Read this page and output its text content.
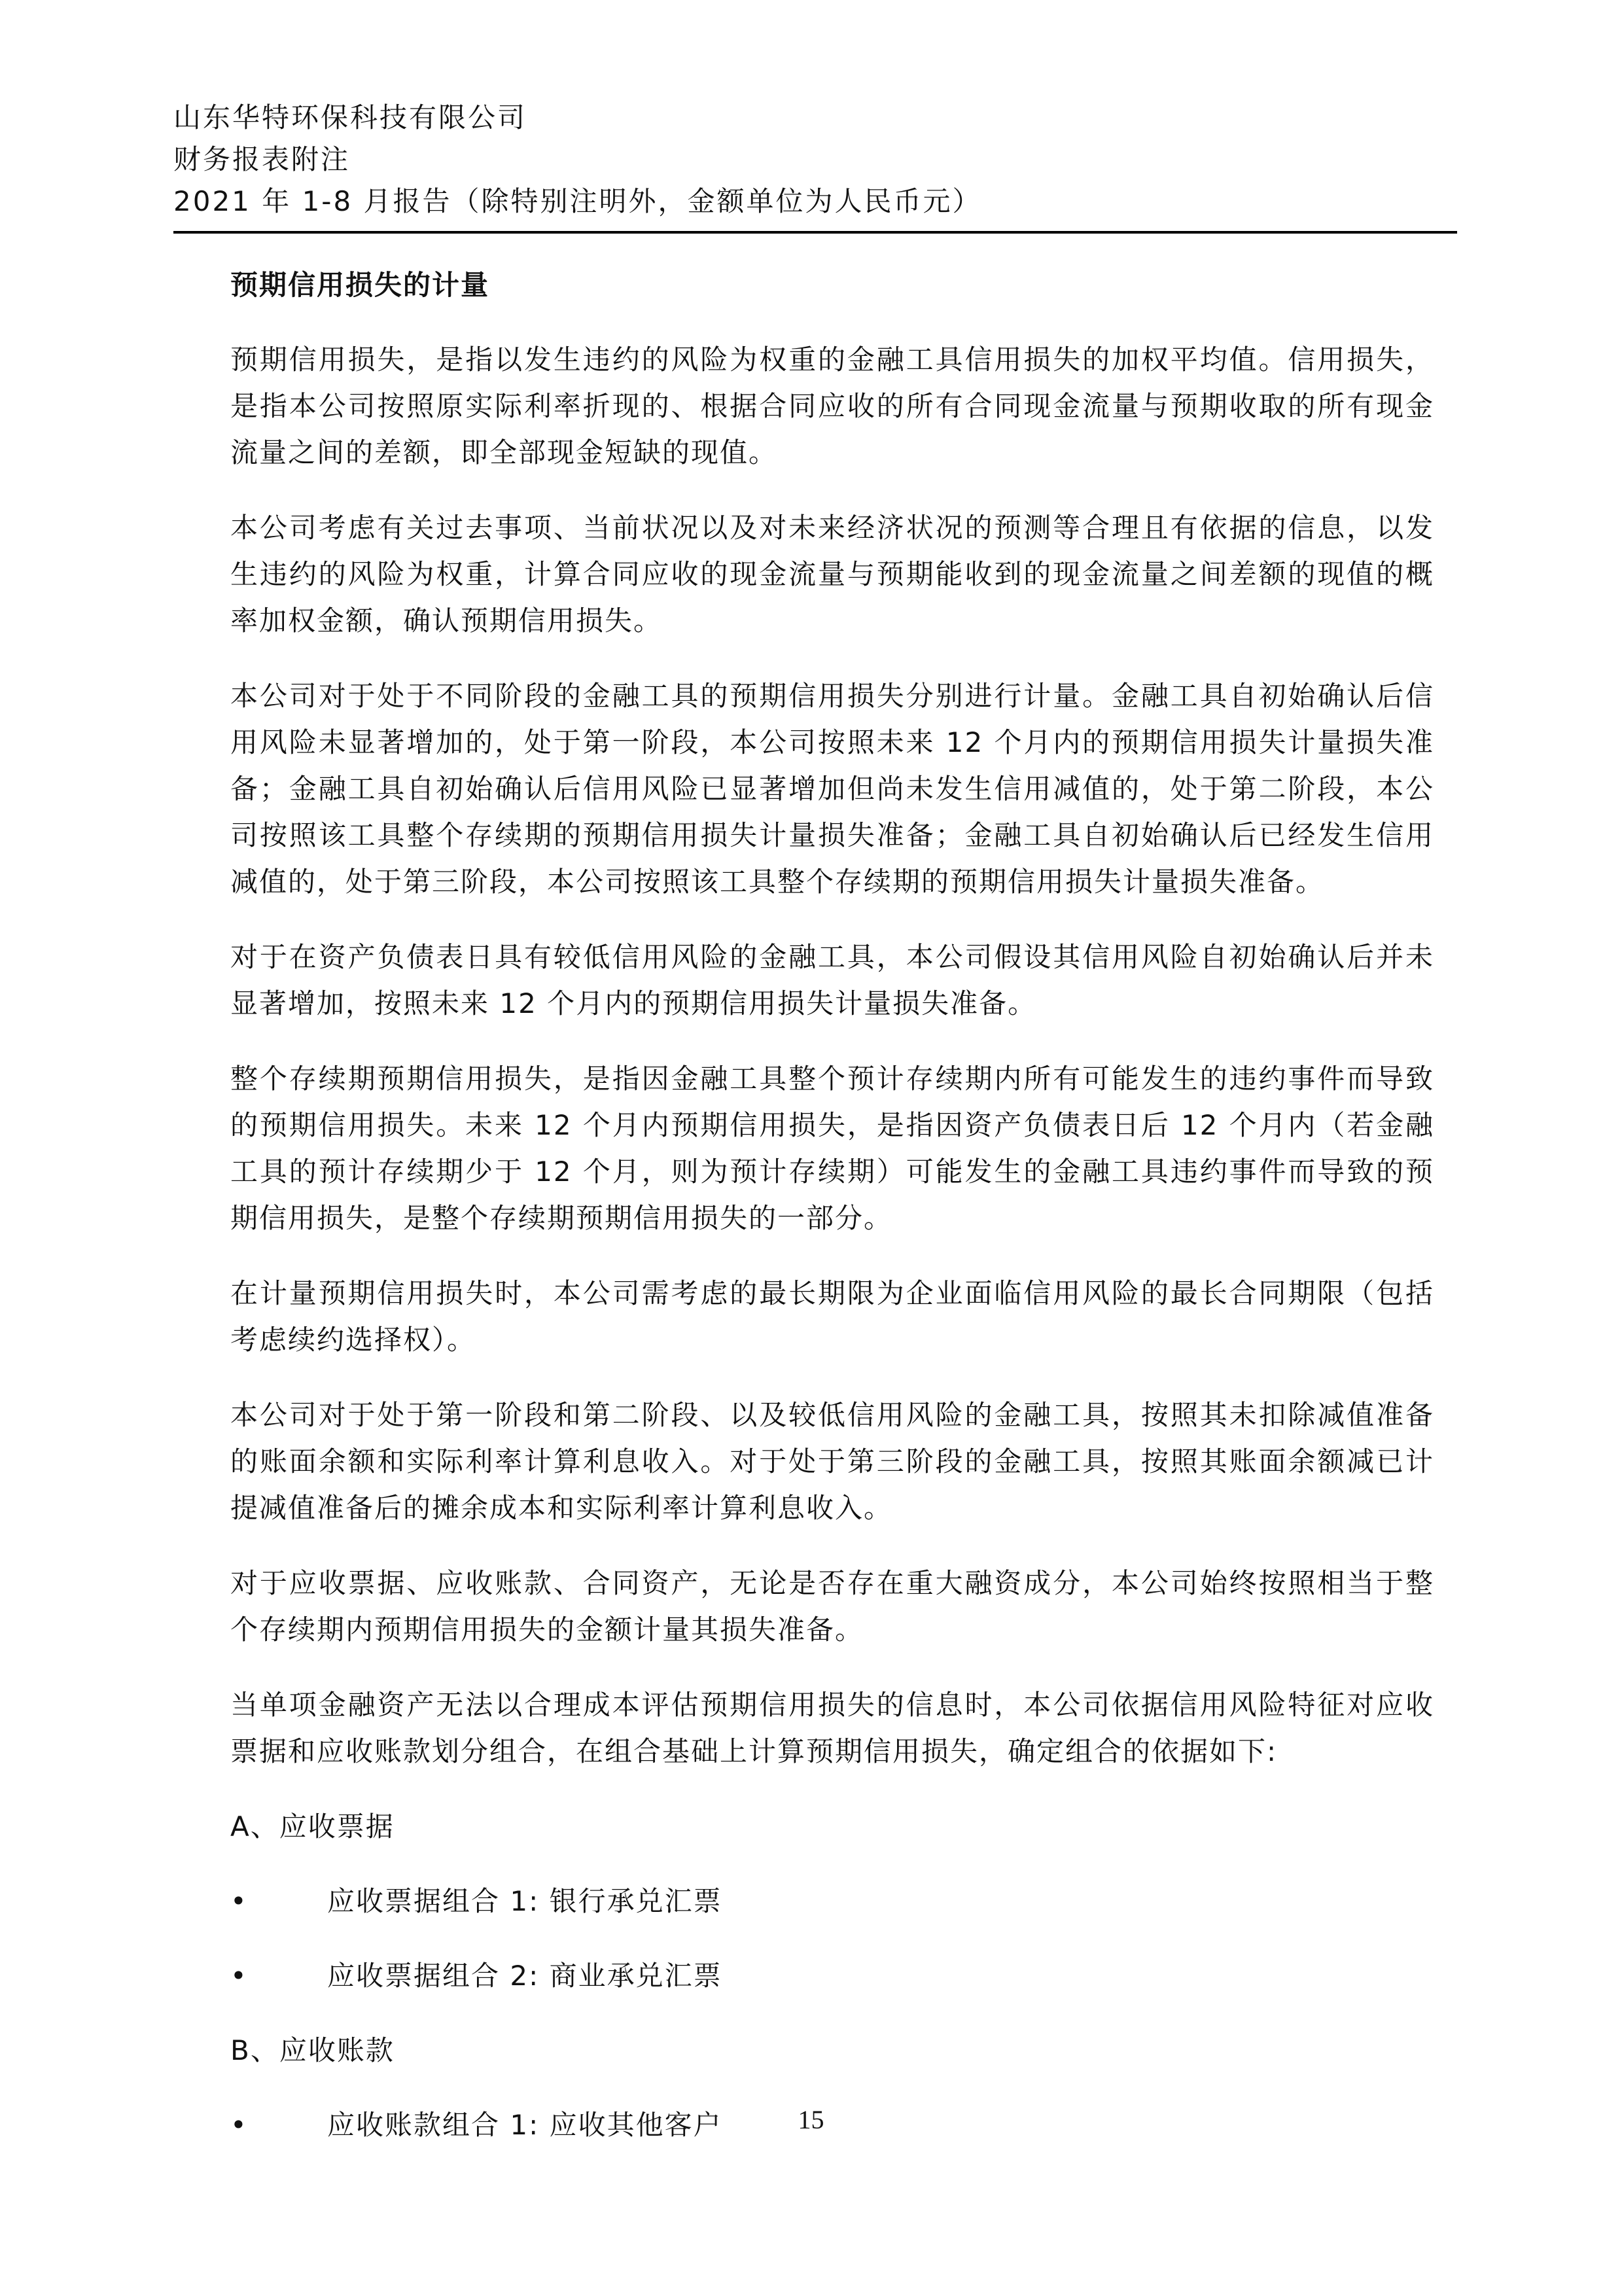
山东华特环保科技有限公司
财务报表附注
2021 年 1-8 月报告（除特别注明外，金额单位为人民币元）
预期信用损失的计量

预期信用损失，是指以发生违约的风险为权重的金融工具信用损失的加权平均值。信用损失，是指本公司按照原实际利率折现的、根据合同应收的所有合同现金流量与预期收取的所有现金流量之间的差额，即全部现金短缺的现值。

本公司考虑有关过去事项、当前状况以及对未来经济状况的预测等合理且有依据的信息，以发生违约的风险为权重，计算合同应收的现金流量与预期能收到的现金流量之间差额的现值的概率加权金额，确认预期信用损失。

本公司对于处于不同阶段的金融工具的预期信用损失分别进行计量。金融工具自初始确认后信用风险未显著增加的，处于第一阶段，本公司按照未来 12 个月内的预期信用损失计量损失准备；金融工具自初始确认后信用风险已显著增加但尚未发生信用减值的，处于第二阶段，本公司按照该工具整个存续期的预期信用损失计量损失准备；金融工具自初始确认后已经发生信用减值的，处于第三阶段，本公司按照该工具整个存续期的预期信用损失计量损失准备。

对于在资产负债表日具有较低信用风险的金融工具，本公司假设其信用风险自初始确认后并未显著增加，按照未来 12 个月内的预期信用损失计量损失准备。

整个存续期预期信用损失，是指因金融工具整个预计存续期内所有可能发生的违约事件而导致的预期信用损失。未来 12 个月内预期信用损失，是指因资产负债表日后 12 个月内（若金融工具的预计存续期少于 12 个月，则为预计存续期）可能发生的金融工具违约事件而导致的预期信用损失，是整个存续期预期信用损失的一部分。

在计量预期信用损失时，本公司需考虑的最长期限为企业面临信用风险的最长合同期限（包括考虑续约选择权）。

本公司对于处于第一阶段和第二阶段、以及较低信用风险的金融工具，按照其未扣除减值准备的账面余额和实际利率计算利息收入。对于处于第三阶段的金融工具，按照其账面余额减已计提减值准备后的摊余成本和实际利率计算利息收入。

对于应收票据、应收账款、合同资产，无论是否存在重大融资成分，本公司始终按照相当于整个存续期内预期信用损失的金额计量其损失准备。

当单项金融资产无法以合理成本评估预期信用损失的信息时，本公司依据信用风险特征对应收票据和应收账款划分组合，在组合基础上计算预期信用损失，确定组合的依据如下:

A、应收票据
•	应收票据组合 1: 银行承兑汇票
•	应收票据组合 2: 商业承兑汇票
B、应收账款
•	应收账款组合 1: 应收其他客户	15
